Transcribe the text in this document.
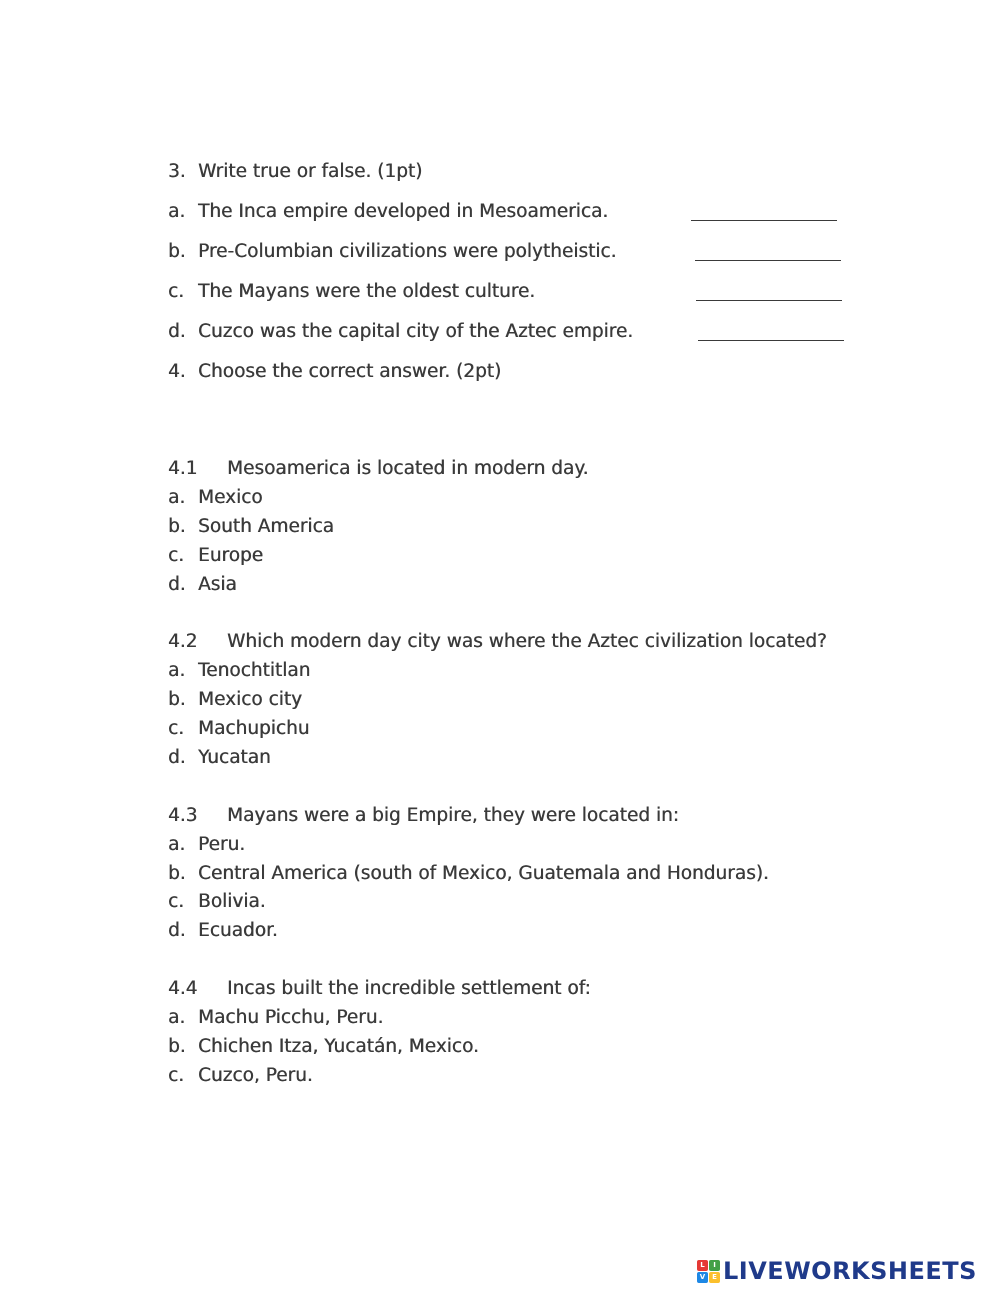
3. Write true or false. (1pt)
a. The Inca empire developed in Mesoamerica.
b. Pre-Columbian civilizations were polytheistic.
c. The Mayans were the oldest culture.
d. Cuzco was the capital city of the Aztec empire.
4. Choose the correct answer. (2pt)
4.1 Mesoamerica is located in modern day.
a. Mexico
b. South America
c. Europe
d. Asia
4.2 Which modern day city was where the Aztec civilization located?
a. Tenochtitlan
b. Mexico city
c. Machupichu
d. Yucatan
4.3 Mayans were a big Empire, they were located in:
a. Peru.
b. Central America (south of Mexico, Guatemala and Honduras).
c. Bolivia.
d. Ecuador.
4.4 Incas built the incredible settlement of:
a. Machu Picchu, Peru.
b. Chichen Itza, Yucatán, Mexico.
c. Cuzco, Peru.
L	I
V E LIVEWORKSHEETS
